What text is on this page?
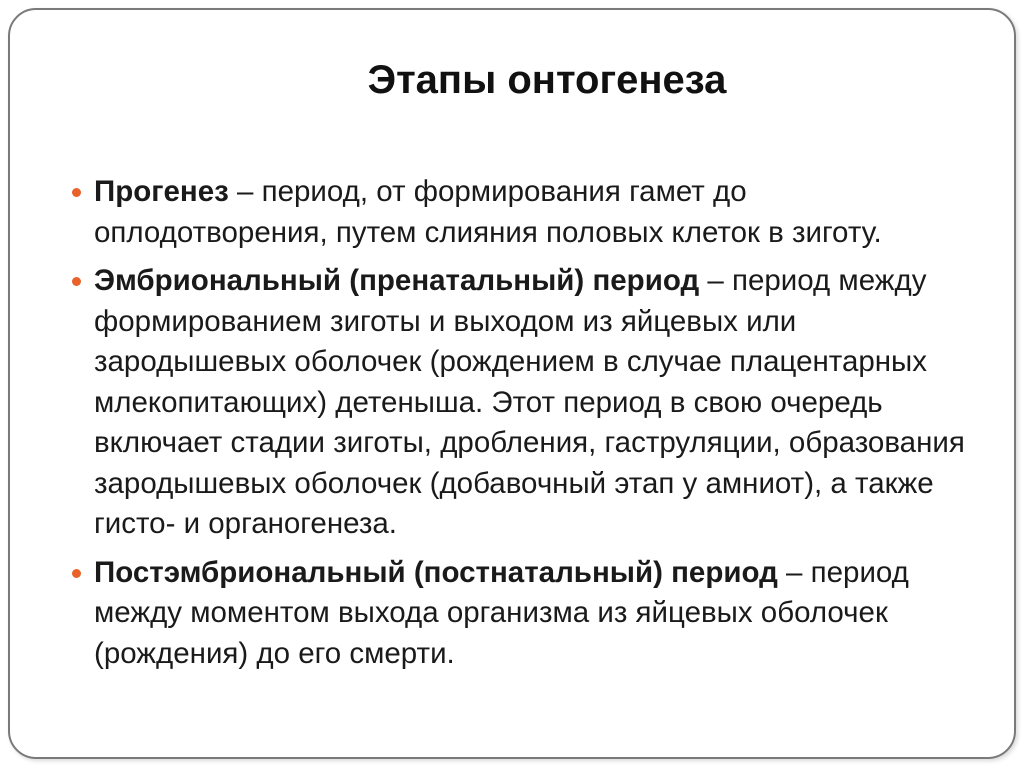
Этапы онтогенеза
Прогенез – период, от формирования гамет до оплодотворения, путем слияния половых клеток в зиготу.
Эмбриональный (пренатальный) период – период между формированием зиготы и выходом из яйцевых или зародышевых оболочек (рождением в случае плацентарных млекопитающих) детеныша. Этот период в свою очередь включает стадии зиготы, дробления, гаструляции, образования зародышевых оболочек (добавочный этап у амниот), а также гисто- и органогенеза.
Постэмбриональный (постнатальный) период – период между моментом выхода организма из яйцевых оболочек (рождения) до его смерти.
